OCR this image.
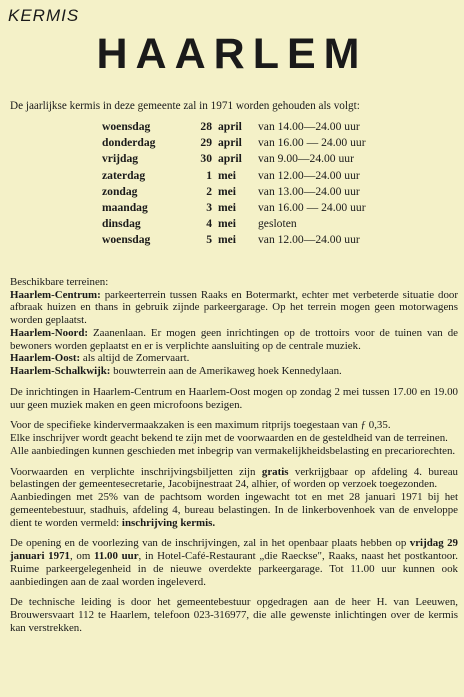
KERMIS
HAARLEM
De jaarlijkse kermis in deze gemeente zal in 1971 worden gehouden als volgt:
woensdag	28 april	van 14.00—24.00 uur
donderdag	29 april	van 16.00 — 24.00 uur
vrijdag	30 april	van 9.00—24.00 uur
zaterdag	1 mei	van 12.00—24.00 uur
zondag	2 mei	van 13.00—24.00 uur
maandag	3 mei	van 16.00 — 24.00 uur
dinsdag	4 mei	gesloten
woensdag	5 mei	van 12.00—24.00 uur

Beschikbare terreinen:
Haarlem-Centrum: parkeerterrein tussen Raaks en Botermarkt, echter met verbeterde situatie door afbraak huizen en thans in gebruik zijnde parkeergarage. Op het terrein mogen geen motorwagens worden geplaatst.
Haarlem-Noord: Zaanenlaan. Er mogen geen inrichtingen op de trottoirs voor de tuinen van de bewoners worden geplaatst en er is verplichte aansluiting op de centrale muziek.
Haarlem-Oost: als altijd de Zomervaart.
Haarlem-Schalkwijk: bouwterrein aan de Amerikaweg hoek Kennedylaan.

De inrichtingen in Haarlem-Centrum en Haarlem-Oost mogen op zondag 2 mei tussen 17.00 en 19.00 uur geen muziek maken en geen microfoons bezigen.

Voor de specifieke kindervermaakzaken is een maximum ritprijs toegestaan van ƒ 0,35.
Elke inschrijver wordt geacht bekend te zijn met de voorwaarden en de gesteldheid van de terreinen.
Alle aanbiedingen kunnen geschieden met inbegrip van vermakelijkheidsbelasting en precariorechten.

Voorwaarden en verplichte inschrijvingsbiljetten zijn gratis verkrijgbaar op afdeling 4. bureau belastingen der gemeentesecretarie, Jacobijnestraat 24, alhier, of worden op verzoek toegezonden.
Aanbiedingen met 25% van de pachtsom worden ingewacht tot en met 28 januari 1971 bij het gemeentebestuur, stadhuis, afdeling 4, bureau belastingen. In de linkerbovenhoek van de enveloppe dient te worden vermeld: inschrijving kermis.

De opening en de voorlezing van de inschrijvingen, zal in het openbaar plaats hebben op vrijdag 29 januari 1971, om 11.00 uur, in Hotel-Café-Restaurant „die Raeckse", Raaks, naast het postkantoor. Ruime parkeergelegenheid in de nieuwe overdekte parkeergarage. Tot 11.00 uur kunnen ook aanbiedingen aan de zaal worden ingeleverd.

De technische leiding is door het gemeentebestuur opgedragen aan de heer H. van Leeuwen, Brouwersvaart 112 te Haarlem, telefoon 023-316977, die alle gewenste inlichtingen over de kermis kan verstrekken.
